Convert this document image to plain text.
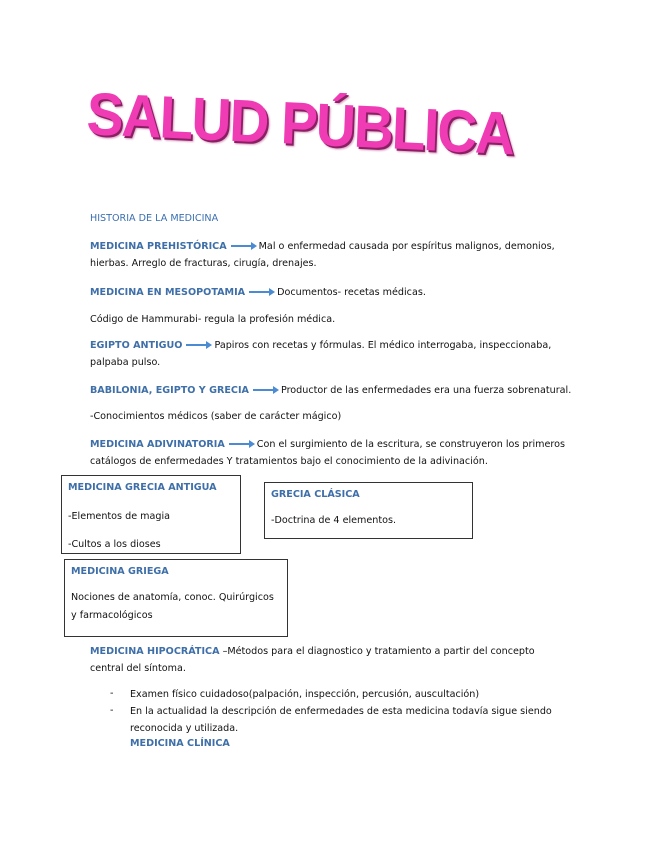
SALUD PÚBLICA
HISTORIA DE LA MEDICINA
MEDICINA PREHISTÓRICA	Mal o enfermedad causada por espíritus malignos, demonios,
hierbas. Arreglo de fracturas, cirugía, drenajes.
MEDICINA EN MESOPOTAMIA	Documentos- recetas médicas.
Código de Hammurabi- regula la profesión médica.
EGIPTO ANTIGUO	Papiros con recetas y fórmulas. El médico interrogaba, inspeccionaba,
palpaba pulso.
BABILONIA, EGIPTO Y GRECIA	Productor de las enfermedades era una fuerza sobrenatural.
-Conocimientos médicos (saber de carácter mágico)
MEDICINA ADIVINATORIA	Con el surgimiento de la escritura, se construyeron los primeros
catálogos de enfermedades Y tratamientos bajo el conocimiento de la adivinación.
MEDICINA GRECIA ANTIGUA
-Elementos de magia
-Cultos a los dioses
GRECIA CLÁSICA
-Doctrina de 4 elementos.
MEDICINA GRIEGA
Nociones de anatomía, conoc. Quirúrgicos
y farmacológicos
MEDICINA HIPOCRÁTICA –Métodos para el diagnostico y tratamiento a partir del concepto
central del síntoma.
- Examen físico cuidadoso(palpación, inspección, percusión, auscultación)
- En la actualidad la descripción de enfermedades de esta medicina todavía sigue siendo
reconocida y utilizada.
MEDICINA CLÍNICA
